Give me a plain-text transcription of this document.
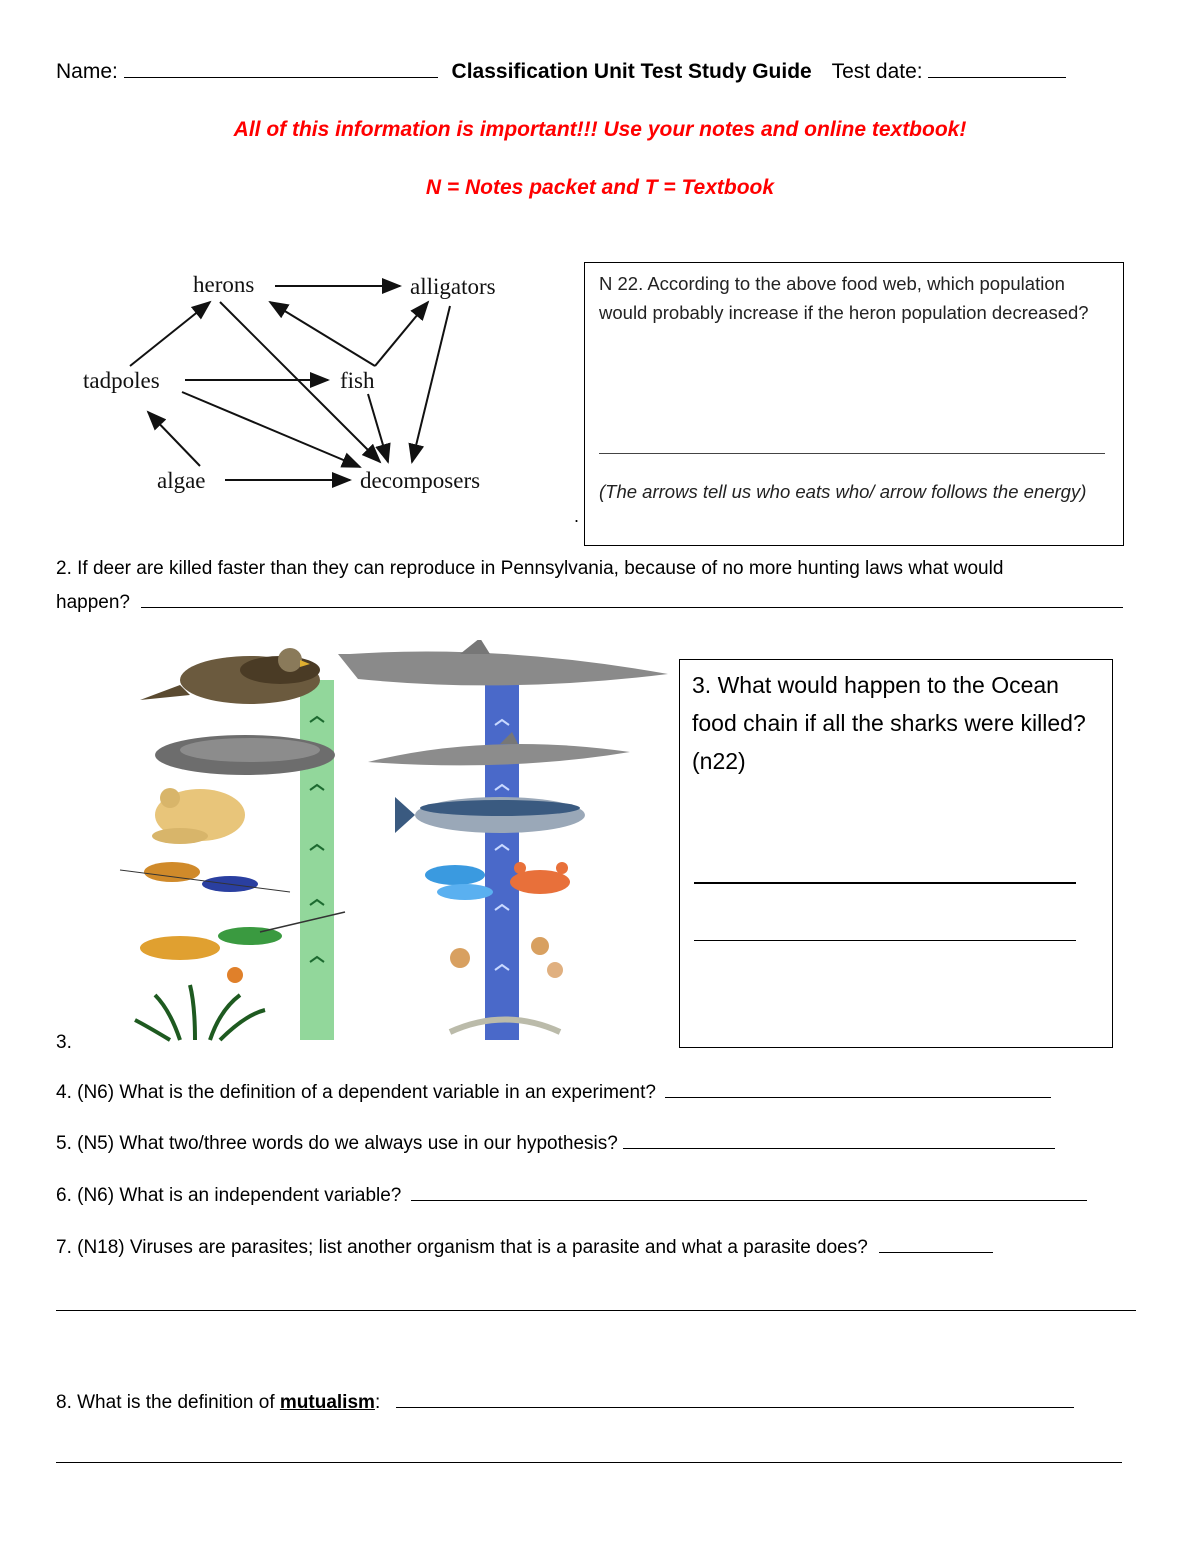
Name:	Classification Unit Test Study Guide Test date:
All of this information is important!!! Use your notes and online textbook!
N = Notes packet and T = Textbook
herons	alligators
tadpoles	fish
algae	decomposers
N 22. According to the above food web, which population would probably increase if the heron population decreased?
(The arrows tell us who eats who/ arrow follows the energy)
.
2. If deer are killed faster than they can reproduce in Pennsylvania, because of no more hunting laws what would
happen?
3.
3. What would happen to the Ocean food chain if all the sharks were killed?(n22)
4. (N6) What is the definition of a dependent variable in an experiment?
5. (N5) What two/three words do we always use in our hypothesis?
6. (N6) What is an independent variable?
7. (N18) Viruses are parasites; list another organism that is a parasite and what a parasite does?
8. What is the definition of mutualism:
